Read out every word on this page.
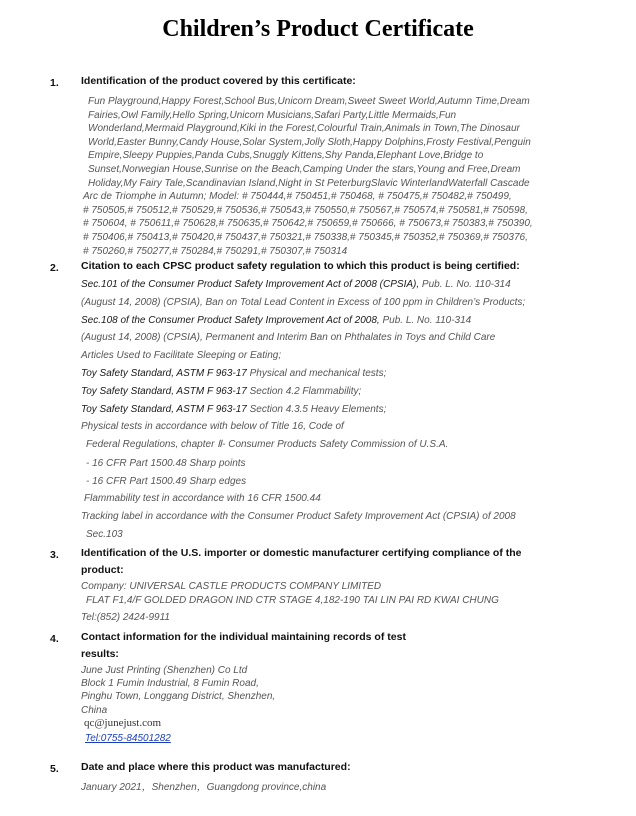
Children’s Product Certificate
1. Identification of the product covered by this certificate:
Fun Playground,Happy Forest,School Bus,Unicorn Dream,Sweet Sweet World,Autumn Time,Dream
Fairies,Owl Family,Hello Spring,Unicorn Musicians,Safari Party,Little Mermaids,Fun
Wonderland,Mermaid Playground,Kiki in the Forest,Colourful Train,Animals in Town,The Dinosaur
World,Easter Bunny,Candy House,Solar System,Jolly Sloth,Happy Dolphins,Frosty Festival,Penguin
Empire,Sleepy Puppies,Panda Cubs,Snuggly Kittens,Shy Panda,Elephant Love,Bridge to
Sunset,Norwegian House,Sunrise on the Beach,Camping Under the stars,Young and Free,Dream
Holiday,My Fairy Tale,Scandinavian Island,Night in St PeterburgSlavic WinterlandWaterfall Cascade
Arc de Triomphe in Autumn; Model: # 750444,# 750451,# 750468, # 750475,# 750482,# 750499,
# 750505,# 750512,# 750529,# 750536,# 750543,# 750550,# 750567,# 750574,# 750581,# 750598,
# 750604, # 750611,# 750628,# 750635,# 750642,# 750659,# 750666, # 750673,# 750383,# 750390,
# 750406,# 750413,# 750420,# 750437,# 750321,# 750338,# 750345,# 750352,# 750369,# 750376,
# 750260,# 750277,# 750284,# 750291,# 750307,# 750314
2. Citation to each CPSC product safety regulation to which this product is being certified:
Sec.101 of the Consumer Product Safety Improvement Act of 2008 (CPSIA), Pub. L. No. 110-314
(August 14, 2008) (CPSIA), Ban on Total Lead Content in Excess of 100 ppm in Children’s Products;
Sec.108 of the Consumer Product Safety Improvement Act of 2008, Pub. L. No. 110-314
(August 14, 2008) (CPSIA), Permanent and Interim Ban on Phthalates in Toys and Child Care
Articles Used to Facilitate Sleeping or Eating;
Toy Safety Standard, ASTM F 963-17 Physical and mechanical tests;
Toy Safety Standard, ASTM F 963-17 Section 4.2 Flammability;
Toy Safety Standard, ASTM F 963-17 Section 4.3.5 Heavy Elements;
Physical tests in accordance with below of Title 16, Code of
Federal Regulations, chapter Ⅱ- Consumer Products Safety Commission of U.S.A.
- 16 CFR Part 1500.48 Sharp points
- 16 CFR Part 1500.49 Sharp edges
Flammability test in accordance with 16 CFR 1500.44
Tracking label in accordance with the Consumer Product Safety Improvement Act (CPSIA) of 2008
Sec.103
3. Identification of the U.S. importer or domestic manufacturer certifying compliance of the
product:
Company: UNIVERSAL CASTLE PRODUCTS COMPANY LIMITED
FLAT F1,4/F GOLDED DRAGON IND CTR STAGE 4,182-190 TAI LIN PAI RD KWAI CHUNG
Tel:(852) 2424-9911
4. Contact information for the individual maintaining records of test
results:
June Just Printing (Shenzhen) Co Ltd
Block 1 Fumin Industrial, 8 Fumin Road,
Pinghu Town, Longgang District, Shenzhen,
China
qc@junejust.com
Tel:0755-84501282
5. Date and place where this product was manufactured:
January 2021，Shenzhen，Guangdong province,china
